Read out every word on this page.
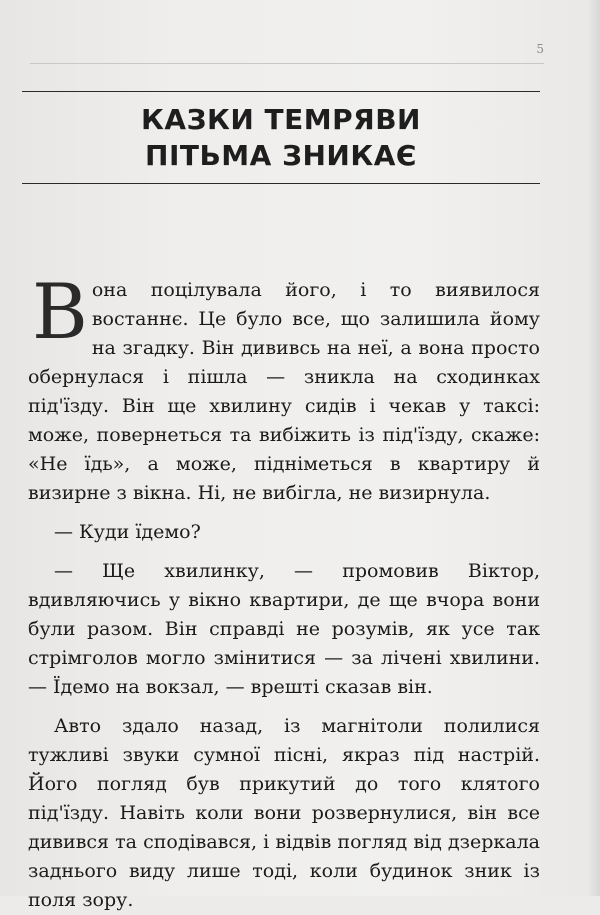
5
КАЗКИ ТЕМРЯВИ
ПІТЬМА ЗНИКАЄ

Вона поцілувала його, і то виявилося востаннє. Це було все, що залишила йому на згадку. Він дививсь на неї, а вона просто обернулася і пішла — зникла на сходинках під'їзду. Він ще хвилину сидів і чекав у таксі: може, повернеться та вибіжить із під'їзду, скаже: «Не їдь», а може, підніметься в квартиру й визирне з вікна. Ні, не вибігла, не визирнула.

— Куди їдемо?

— Ще хвилинку, — промовив Віктор, вдивляючись у вікно квартири, де ще вчора вони були разом. Він справді не розумів, як усе так стрімголов могло змінитися — за лічені хвилини. — Їдемо на вокзал, — врешті сказав він.

Авто здало назад, із магнітоли полилися тужливі звуки сумної пісні, якраз під настрій. Його погляд був прикутий до того клятого під'їзду. Навіть коли вони розвернулися, він все дивився та сподівався, і відвів погляд від дзеркала заднього виду лише тоді, коли будинок зник із поля зору.
